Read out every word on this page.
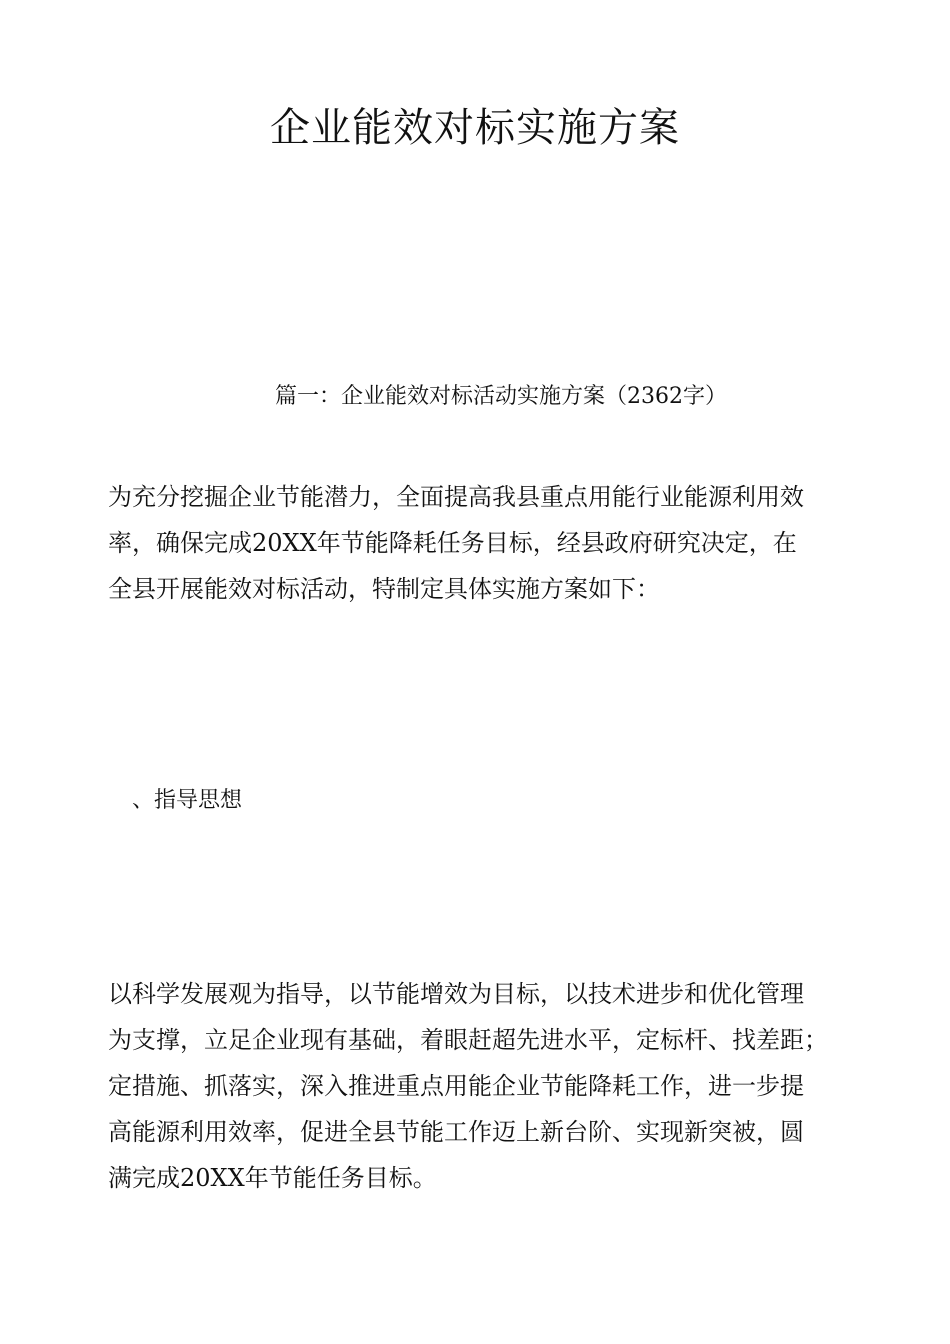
企业能效对标实施方案
篇一：企业能效对标活动实施方案（2362字）
为充分挖掘企业节能潜力，全面提高我县重点用能行业能源利用效
率，确保完成20XX年节能降耗任务目标，经县政府研究决定，在
全县开展能效对标活动，特制定具体实施方案如下：
、指导思想
以科学发展观为指导，以节能增效为目标，以技术进步和优化管理
为支撑，立足企业现有基础，着眼赶超先进水平，定标杆、找差距；
定措施、抓落实，深入推进重点用能企业节能降耗工作，进一步提
高能源利用效率，促进全县节能工作迈上新台阶、实现新突被，圆
满完成20XX年节能任务目标。
